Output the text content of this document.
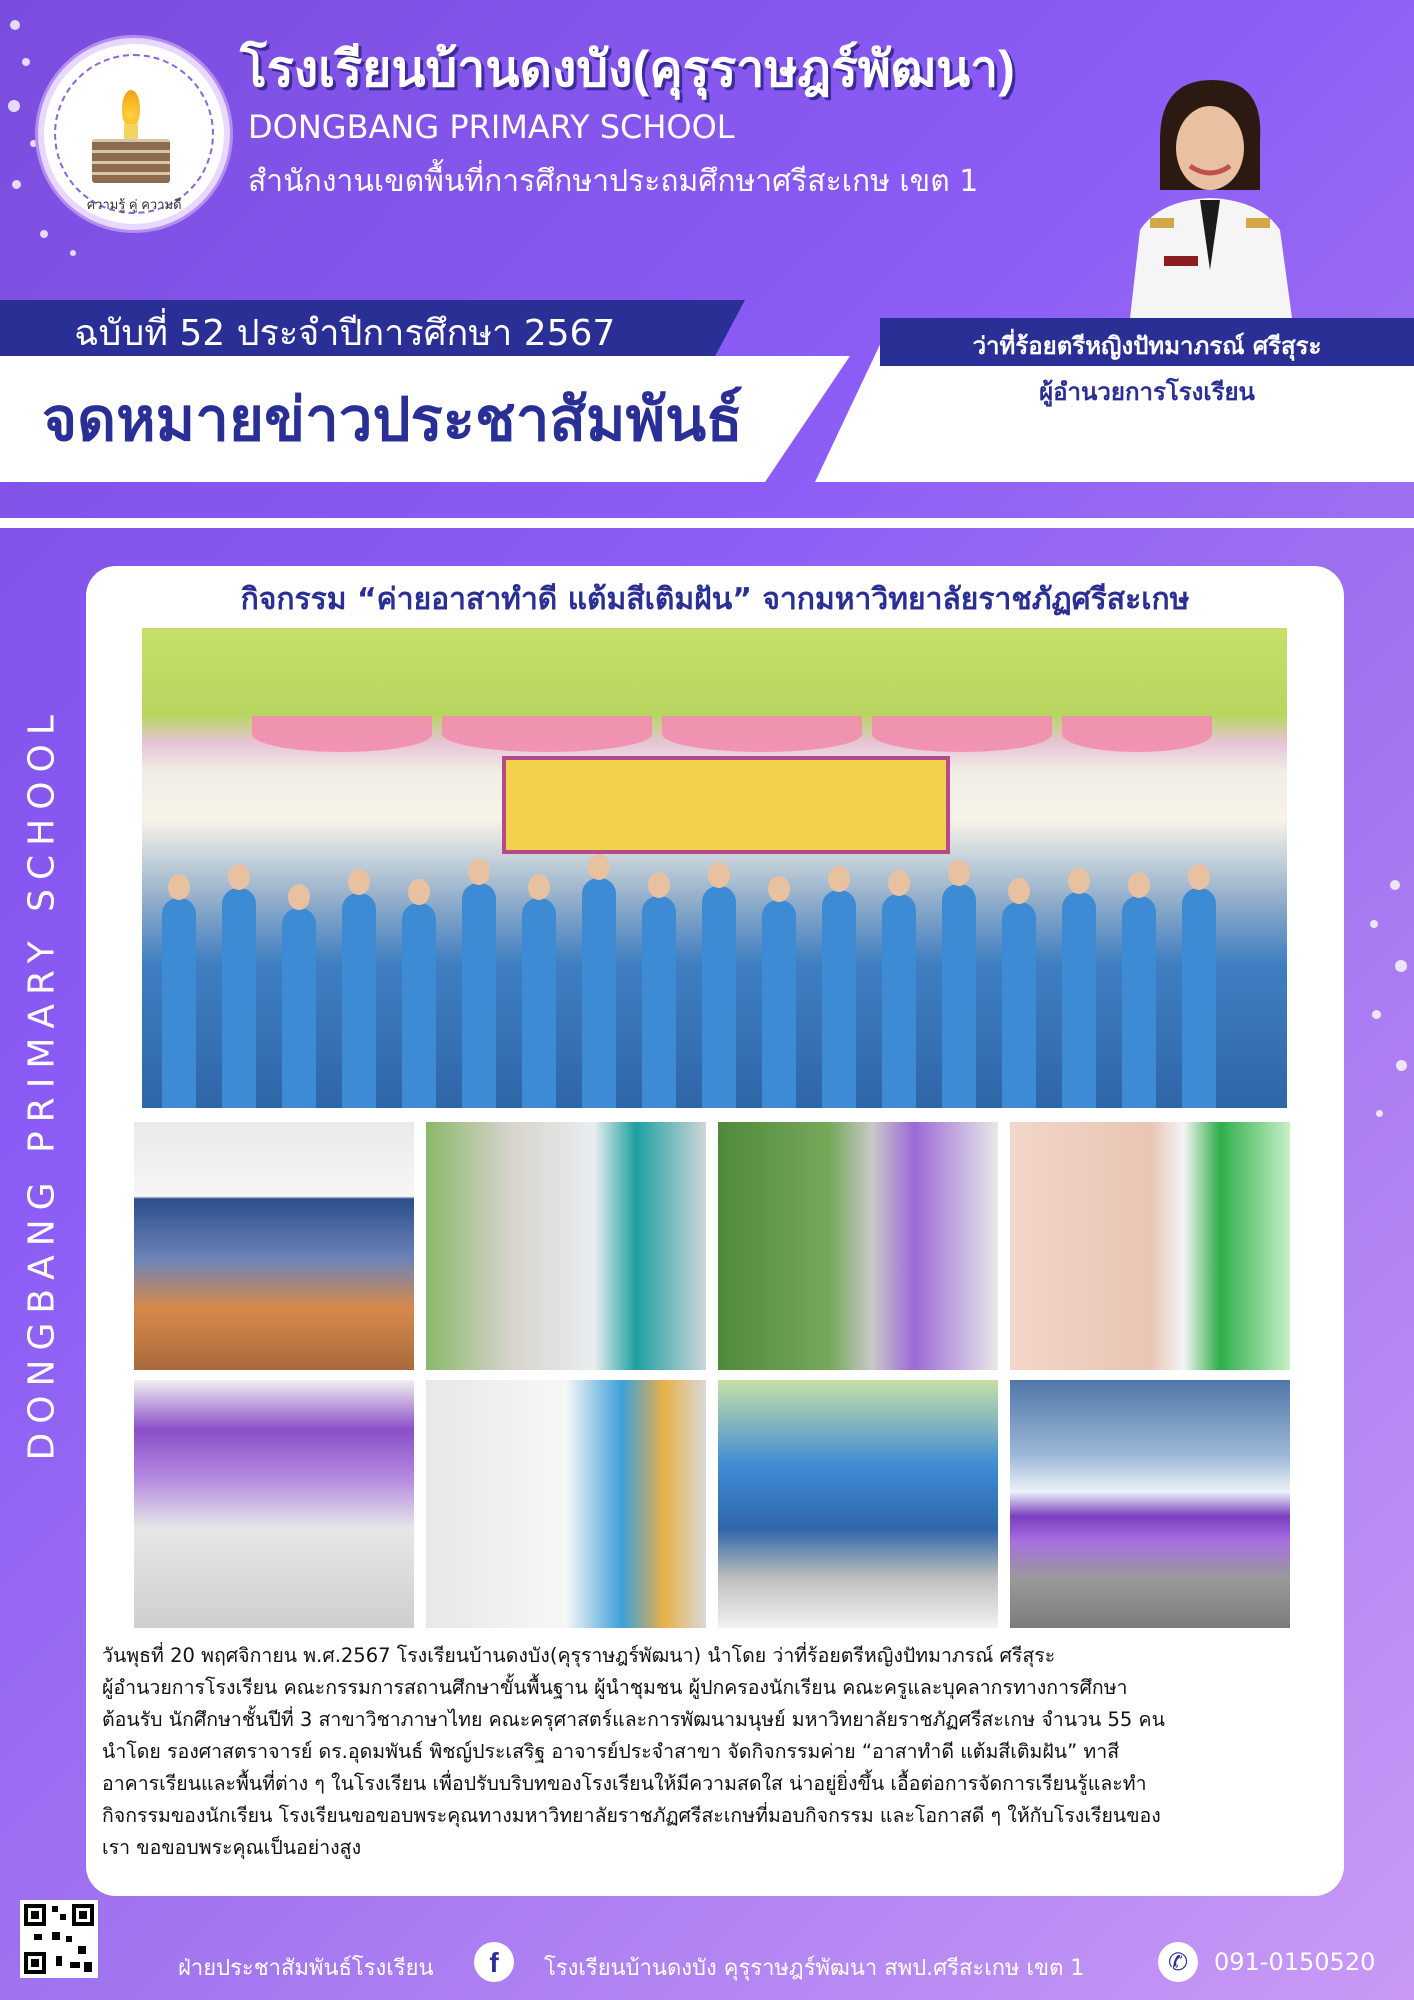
ความรู้ คู่ ความดี
โรงเรียนบ้านดงบัง(คุรุราษฎร์พัฒนา)
DONGBANG PRIMARY SCHOOL
สำนักงานเขตพื้นที่การศึกษาประถมศึกษาศรีสะเกษ เขต 1
ฉบับที่ 52 ประจำปีการศึกษา 2567
จดหมายข่าวประชาสัมพันธ์
ว่าที่ร้อยตรีหญิงปัทมาภรณ์ ศรีสุระ
ผู้อำนวยการโรงเรียน
DONGBANG PRIMARY SCHOOL
กิจกรรม “ค่ายอาสาทำดี แต้มสีเติมฝัน” จากมหาวิทยาลัยราชภัฏศรีสะเกษ

วันพุธที่ 20 พฤศจิกายน พ.ศ.2567 โรงเรียนบ้านดงบัง(คุรุราษฎร์พัฒนา) นำโดย ว่าที่ร้อยตรีหญิงปัทมาภรณ์ ศรีสุระ

ผู้อำนวยการโรงเรียน คณะกรรมการสถานศึกษาขั้นพื้นฐาน ผู้นำชุมชน ผู้ปกครองนักเรียน คณะครูและบุคลากรทางการศึกษา

ต้อนรับ นักศึกษาชั้นปีที่ 3 สาขาวิชาภาษาไทย คณะครุศาสตร์และการพัฒนามนุษย์ มหาวิทยาลัยราชภัฏศรีสะเกษ จำนวน 55 คน

นำโดย รองศาสตราจารย์ ดร.อุดมพันธ์ พิชญ์ประเสริฐ อาจารย์ประจำสาขา จัดกิจกรรมค่าย “อาสาทำดี แต้มสีเติมฝัน” ทาสี

อาคารเรียนและพื้นที่ต่าง ๆ ในโรงเรียน เพื่อปรับบริบทของโรงเรียนให้มีความสดใส น่าอยู่ยิ่งขึ้น เอื้อต่อการจัดการเรียนรู้และทำ

กิจกรรมของนักเรียน โรงเรียนขอขอบพระคุณทางมหาวิทยาลัยราชภัฏศรีสะเกษที่มอบกิจกรรม และโอกาสดี ๆ ให้กับโรงเรียนของ

เรา ขอขอบพระคุณเป็นอย่างสูง

ฝ่ายประชาสัมพันธ์โรงเรียน	f	โรงเรียนบ้านดงบัง คุรุราษฎร์พัฒนา สพป.ศรีสะเกษ เขต 1	✆	091-0150520
